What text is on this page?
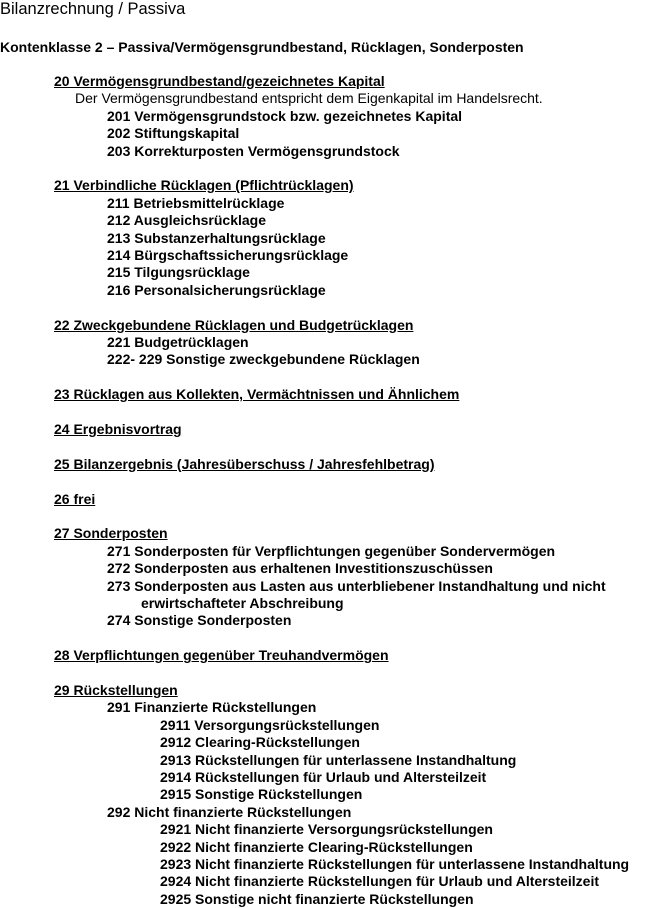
Bilanzrechnung / Passiva
Kontenklasse 2 – Passiva/Vermögensgrundbestand, Rücklagen, Sonderposten
20 Vermögensgrundbestand/gezeichnetes Kapital
Der Vermögensgrundbestand entspricht dem Eigenkapital im Handelsrecht.
201 Vermögensgrundstock bzw. gezeichnetes Kapital
202 Stiftungskapital
203 Korrekturposten Vermögensgrundstock
21 Verbindliche Rücklagen (Pflichtrücklagen)
211 Betriebsmittelrücklage
212 Ausgleichsrücklage
213 Substanzerhaltungsrücklage
214 Bürgschaftssicherungsrücklage
215 Tilgungsrücklage
216 Personalsicherungsrücklage
22 Zweckgebundene Rücklagen und Budgetrücklagen
221 Budgetrücklagen
222- 229 Sonstige zweckgebundene Rücklagen
23 Rücklagen aus Kollekten, Vermächtnissen und Ähnlichem
24 Ergebnisvortrag
25 Bilanzergebnis (Jahresüberschuss / Jahresfehlbetrag)
26 frei
27 Sonderposten
271 Sonderposten für Verpflichtungen gegenüber Sondervermögen
272 Sonderposten aus erhaltenen Investitionszuschüssen
273 Sonderposten aus Lasten aus unterbliebener Instandhaltung und nicht
erwirtschafteter Abschreibung
274 Sonstige Sonderposten
28 Verpflichtungen gegenüber Treuhandvermögen
29 Rückstellungen
291 Finanzierte Rückstellungen
2911 Versorgungsrückstellungen
2912 Clearing-Rückstellungen
2913 Rückstellungen für unterlassene Instandhaltung
2914 Rückstellungen für Urlaub und Altersteilzeit
2915 Sonstige Rückstellungen
292 Nicht finanzierte Rückstellungen
2921 Nicht finanzierte Versorgungsrückstellungen
2922 Nicht finanzierte Clearing-Rückstellungen
2923 Nicht finanzierte Rückstellungen für unterlassene Instandhaltung
2924 Nicht finanzierte Rückstellungen für Urlaub und Altersteilzeit
2925 Sonstige nicht finanzierte Rückstellungen
